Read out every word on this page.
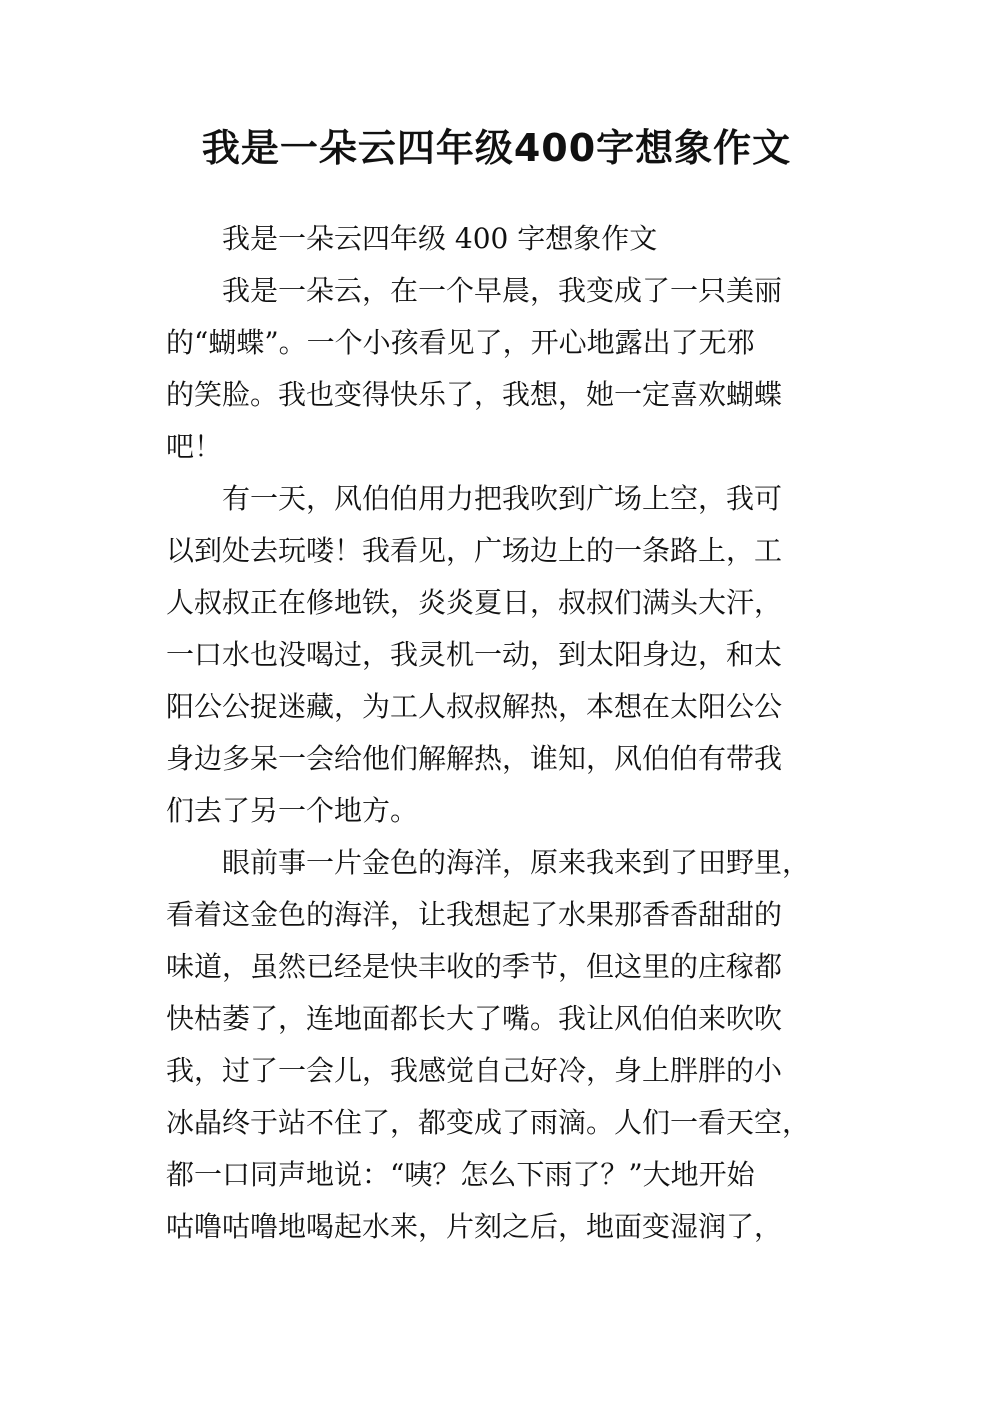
我是一朵云四年级400字想象作文

我是一朵云四年级 400 字想象作文

我是一朵云，在一个早晨，我变成了一只美丽
的“蝴蝶”。一个小孩看见了，开心地露出了无邪
的笑脸。我也变得快乐了，我想，她一定喜欢蝴蝶
吧！

有一天，风伯伯用力把我吹到广场上空，我可
以到处去玩喽！我看见，广场边上的一条路上，工
人叔叔正在修地铁，炎炎夏日，叔叔们满头大汗，
一口水也没喝过，我灵机一动，到太阳身边，和太
阳公公捉迷藏，为工人叔叔解热，本想在太阳公公
身边多呆一会给他们解解热，谁知，风伯伯有带我
们去了另一个地方。

眼前事一片金色的海洋，原来我来到了田野里，
看着这金色的海洋，让我想起了水果那香香甜甜的
味道，虽然已经是快丰收的季节，但这里的庄稼都
快枯萎了，连地面都长大了嘴。我让风伯伯来吹吹
我，过了一会儿，我感觉自己好冷，身上胖胖的小
冰晶终于站不住了，都变成了雨滴。人们一看天空，
都一口同声地说：“咦？怎么下雨了？”大地开始
咕噜咕噜地喝起水来，片刻之后，地面变湿润了，
